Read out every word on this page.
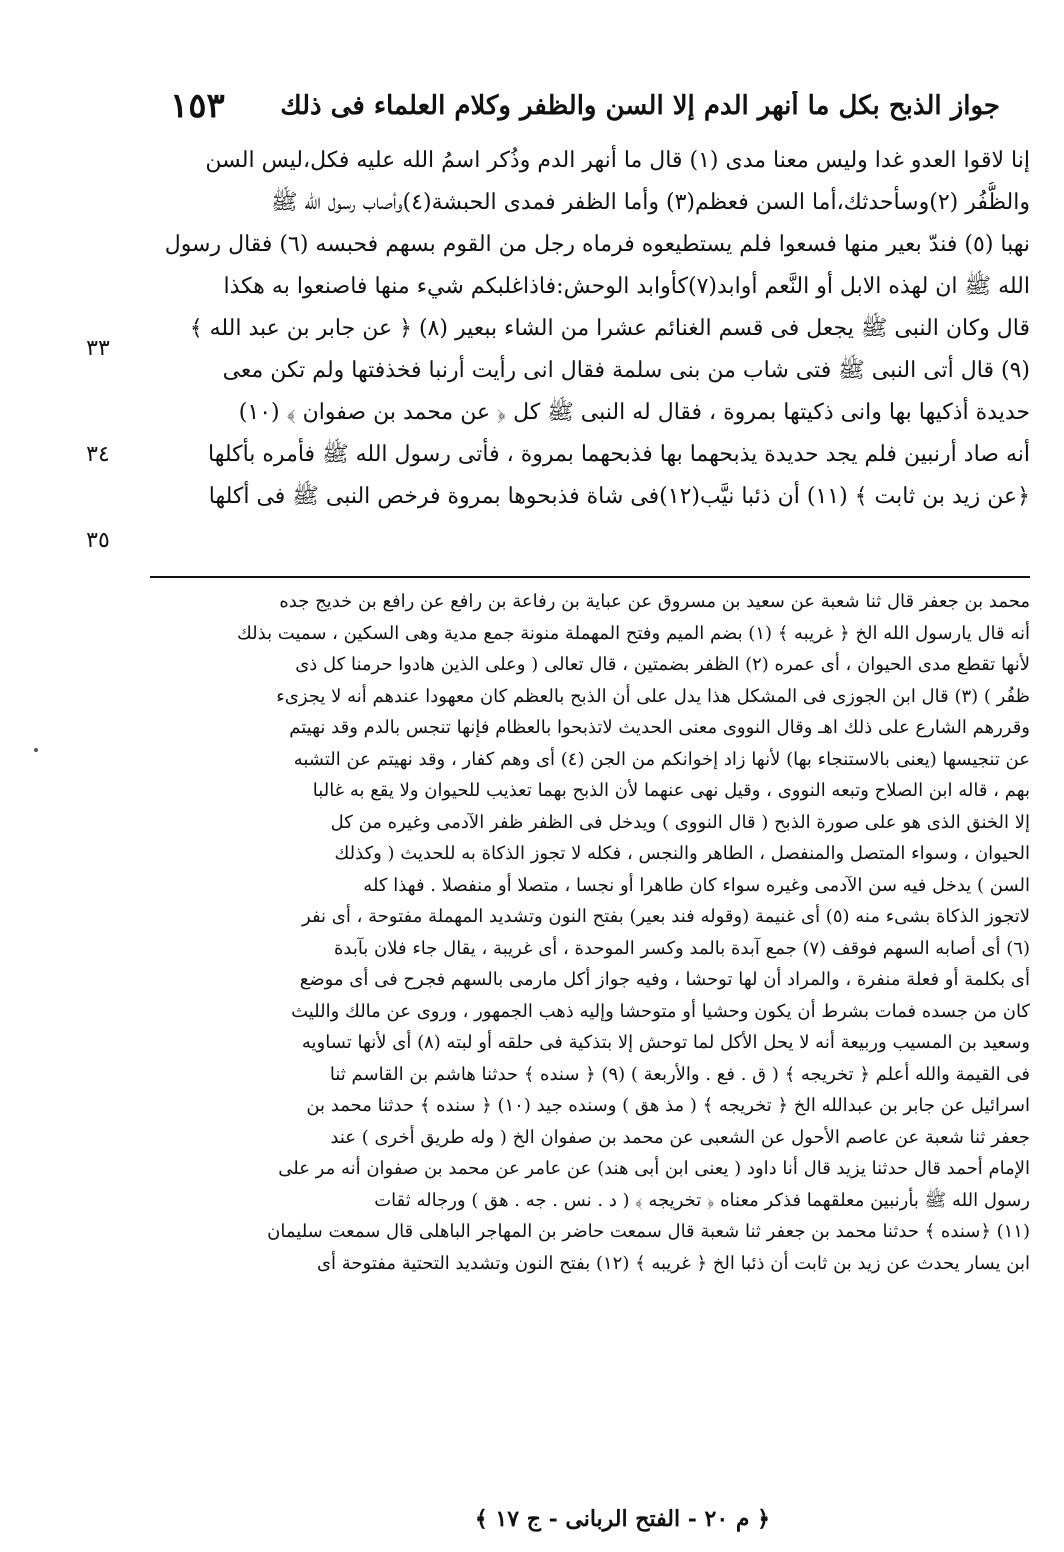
جواز الذبح بكل ما أنهر الدم إلا السن والظفر وكلام العلماء فى ذلك
١٥٣
إنا لاقوا العدو غدا وليس معنا مدى (١) قال ما أنهر الدم وذُكر اسمُ الله عليه فكل،ليس السن
والظُّفُر (٢)وسأحدثك،أما السن فعظم(٣) وأما الظفر فمدى الحبشة(٤)وأصاب رسول الله ﷺ
نهبا (٥) فندّ بعير منها فسعوا فلم يستطيعوه فرماه رجل من القوم بسهم فحبسه (٦) فقال رسول
الله ﷺ ان لهذه الابل أو النَّعم أوابد(٧)كأوابد الوحش:فاذاغلبكم شيء منها فاصنعوا به هكذا
قال وكان النبى ﷺ يجعل فى قسم الغنائم عشرا من الشاء ببعير (٨) ﴿ عن جابر بن عبد الله ﴾
(٩) قال أتى النبى ﷺ فتى شاب من بنى سلمة فقال انى رأيت أرنبا فخذفتها ولم تكن معى
حديدة أذكيها بها وانى ذكيتها بمروة ، فقال له النبى ﷺ كل ﴿ عن محمد بن صفوان ﴾ (١٠)
أنه صاد أرنبين فلم يجد حديدة يذبحهما بها فذبحهما بمروة ، فأتى رسول الله ﷺ فأمره بأكلها
﴿عن زيد بن ثابت ﴾ (١١) أن ذئبا نيَّب(١٢)فى شاة فذبحوها بمروة فرخص النبى ﷺ فى أكلها
٣٣
٣٤
٣٥
محمد بن جعفر قال ثنا شعبة عن سعيد بن مسروق عن عباية بن رفاعة بن رافع عن رافع بن خديج جده
أنه قال يارسول الله الخ ﴿ غريبه ﴾ (١) بضم الميم وفتح المهملة منونة جمع مدية وهى السكين ، سميت بذلك
لأنها تقطع مدى الحيوان ، أى عمره (٢) الظفر بضمتين ، قال تعالى ( وعلى الذين هادوا حرمنا كل ذى
ظفُر ) (٣) قال ابن الجوزى فى المشكل هذا يدل على أن الذبح بالعظم كان معهودا عندهم أنه لا يجزىء
وقررهم الشارع على ذلك اهـ وقال النووى معنى الحديث لاتذبحوا بالعظام فإنها تنجس بالدم وقد نهيتم
عن تنجيسها (يعنى بالاستنجاء بها) لأنها زاد إخوانكم من الجن (٤) أى وهم كفار ، وقد نهيتم عن التشبه
بهم ، قاله ابن الصلاح وتبعه النووى ، وقيل نهى عنهما لأن الذبح بهما تعذيب للحيوان ولا يقع به غالبا
إلا الخنق الذى هو على صورة الذبح ( قال النووى ) ويدخل فى الظفر ظفر الآدمى وغيره من كل
الحيوان ، وسواء المتصل والمنفصل ، الطاهر والنجس ، فكله لا تجوز الذكاة به للحديث ( وكذلك
السن ) يدخل فيه سن الآدمى وغيره سواء كان طاهرا أو نجسا ، متصلا أو منفصلا . فهذا كله
لاتجوز الذكاة بشىء منه (٥) أى غنيمة (وقوله فند بعير) بفتح النون وتشديد المهملة مفتوحة ، أى نفر
(٦) أى أصابه السهم فوقف (٧) جمع آبدة بالمد وكسر الموحدة ، أى غريبة ، يقال جاء فلان بآبدة
أى بكلمة أو فعلة منفرة ، والمراد أن لها توحشا ، وفيه جواز أكل مارمى بالسهم فجرح فى أى موضع
كان من جسده فمات بشرط أن يكون وحشيا أو متوحشا وإليه ذهب الجمهور ، وروى عن مالك والليث
وسعيد بن المسيب وربيعة أنه لا يحل الأكل لما توحش إلا بتذكية فى حلقه أو لبته (٨) أى لأنها تساويه
فى القيمة والله أعلم ﴿ تخريجه ﴾ ( ق . فع . والأربعة ) (٩) ﴿ سنده ﴾ حدثنا هاشم بن القاسم ثنا
اسرائيل عن جابر بن عبدالله الخ ﴿ تخريجه ﴾ ( مذ هق ) وسنده جيد (١٠) ﴿ سنده ﴾ حدثنا محمد بن
جعفر ثنا شعبة عن عاصم الأحول عن الشعبى عن محمد بن صفوان الخ ( وله طريق أخرى ) عند
الإمام أحمد قال حدثنا يزيد قال أنا داود ( يعنى ابن أبى هند) عن عامر عن محمد بن صفوان أنه مر على
رسول الله ﷺ بأرنبين معلقهما فذكر معناه ﴿ تخريجه ﴾ ( د . نس . جه . هق ) ورجاله ثقات
(١١) ﴿سنده ﴾ حدثنا محمد بن جعفر ثنا شعبة قال سمعت حاضر بن المهاجر الباهلى قال سمعت سليمان
ابن يسار يحدث عن زيد بن ثابت أن ذئبا الخ ﴿ غريبه ﴾ (١٢) بفتح النون وتشديد التحتية مفتوحة أى
﴿ م ٢٠ - الفتح الربانى - ج ١٧ ﴾
